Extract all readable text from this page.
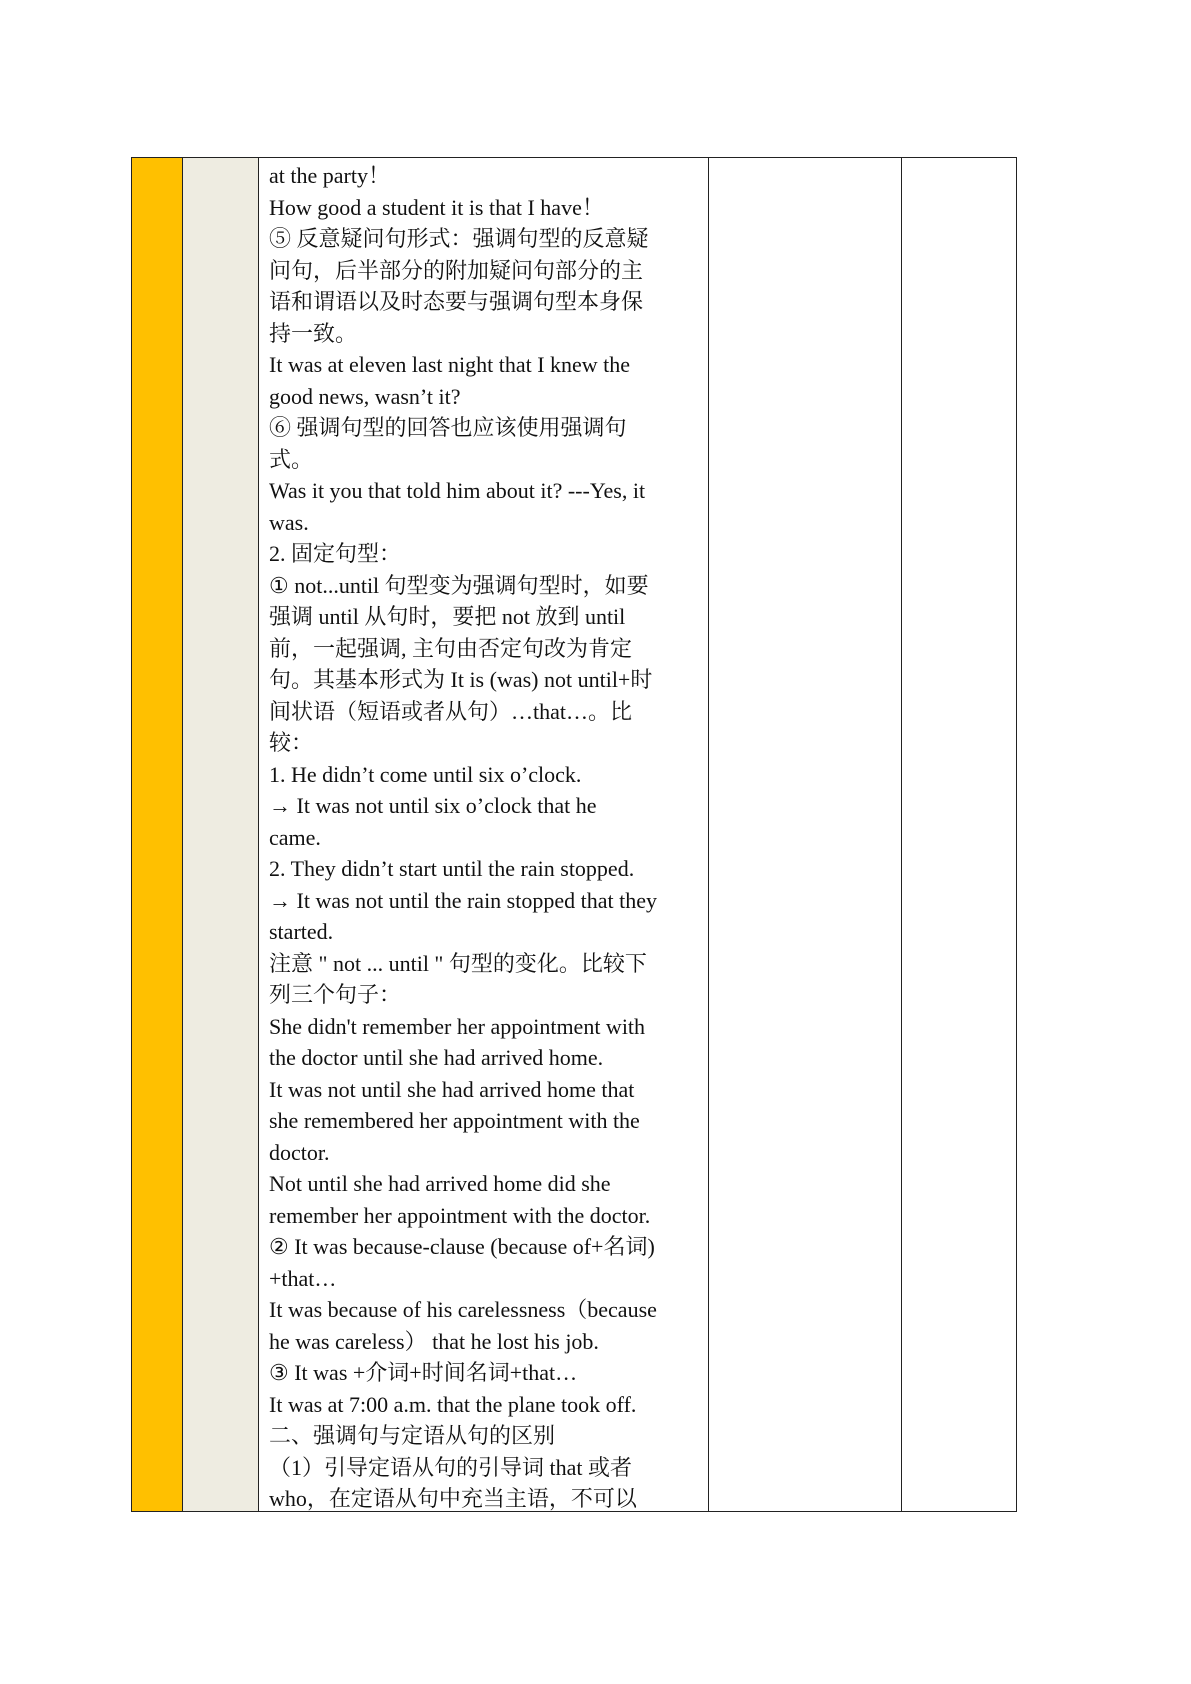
at the party！
How good a student it is that I have！
⑤ 反意疑问句形式：强调句型的反意疑
问句，后半部分的附加疑问句部分的主
语和谓语以及时态要与强调句型本身保
持一致。
It was at eleven last night that I knew the
good news, wasn’t it?
⑥ 强调句型的回答也应该使用强调句
式。
Was it you that told him about it? ---Yes, it
was.
2. 固定句型：
① not...until 句型变为强调句型时，如要
强调 until 从句时，要把 not 放到 until
前，一起强调, 主句由否定句改为肯定
句。其基本形式为 It is (was) not until+时
间状语（短语或者从句）…that…。比
较：
1. He didn’t come until six o’clock.
→ It was not until six o’clock that he
came.
2. They didn’t start until the rain stopped.
→ It was not until the rain stopped that they
started.
注意 " not ... until " 句型的变化。比较下
列三个句子：
She didn't remember her appointment with
the doctor until she had arrived home.
It was not until she had arrived home that
she remembered her appointment with the
doctor.
Not until she had arrived home did she
remember her appointment with the doctor.
② It was because-clause (because of+名词)
+that…
It was because of his carelessness（because
he was careless） that he lost his job.
③ It was +介词+时间名词+that…
It was at 7:00 a.m. that the plane took off.
二、强调句与定语从句的区别
（1）引导定语从句的引导词 that 或者
who，在定语从句中充当主语，不可以
